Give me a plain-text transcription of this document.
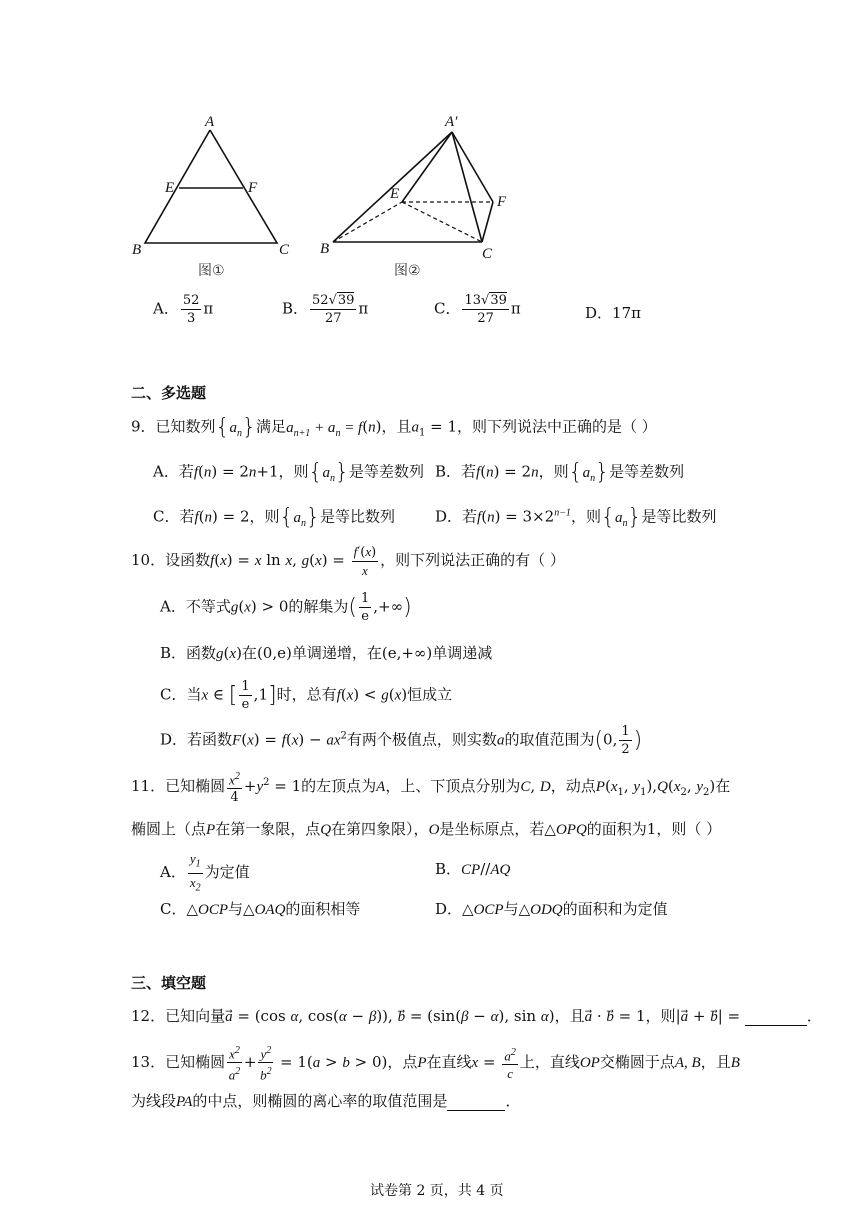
A
E	F
B	C
A′
E	F
B	C
图①	图②
A． $\frac{52}{3}$ π	B． $\frac{52√39}{27}$ π	C． $\frac{13√39}{27}$ π	D．17π
二、多选题
9．已知数列$\{a_n\}$满足$a_{n+1} + a_n = f(n)$，且$a_1 = 1$，则下列说法中正确的是（ ）
A．若f(n) = 2n+1，则$\{a_n\}$是等差数列 B．若f(n) = 2n，则$\{a_n\}$是等差数列
C．若f(n) = 2，则$\{a_n\}$是等比数列	D．若$f(n) = 3\times 2^{n-1}$，则$\{a_n\}$是等比数列
10．设函数f(x) = x ln x, $g(x) = \frac{f'(x)}{x}$ ，则下列说法正确的有（ ）
A．不等式g(x) > 0的解集为( $\frac{1}{e}$ ,+∞)
B．函数g(x)在(0,e)单调递增，在(e,+∞)单调递减
C．当x ∈ [ $\frac{1}{e} ,1$]时，总有f(x) < g(x)恒成立
D．若函数$F(x) = f(x) - ax^2$有两个极值点，则实数a的取值范围为(0, $\frac{1}{2}$ )
11．已知椭圆 $\frac{x^2}{4} +y^2 = 1$的左顶点为A，上、下顶点分别为C, D，动点$P(x_1$, $y_1),Q(x_2$, $y_2$)在
椭圆上（点P在第一象限，点Q在第四象限），O是坐标原点，若△OPQ的面积为1，则（ ）
A． $\frac{y_1}{x_2}$ 为定值	B．CP//AQ
C．△OCP与△OAQ的面积相等	D．△OCP与△ODQ的面积和为定值
三、填空题
12．已知向量a⃗ = (cos α, cos(α − β)), b⃗ = (sin(β − α), sin α)，且a⃗ · b⃗ = 1，则|a⃗ + b⃗| =	．
13．已知椭圆 $\frac{x^2}{a^2} + \frac{y^2}{b^2} = 1(a > b > 0)$，点P在直线$x = \frac{a^2}{c}$ 上，直线OP交椭圆于点A, B，且B
为线段PA的中点，则椭圆的离心率的取值范围是	．
试卷第 2 页，共 4 页
